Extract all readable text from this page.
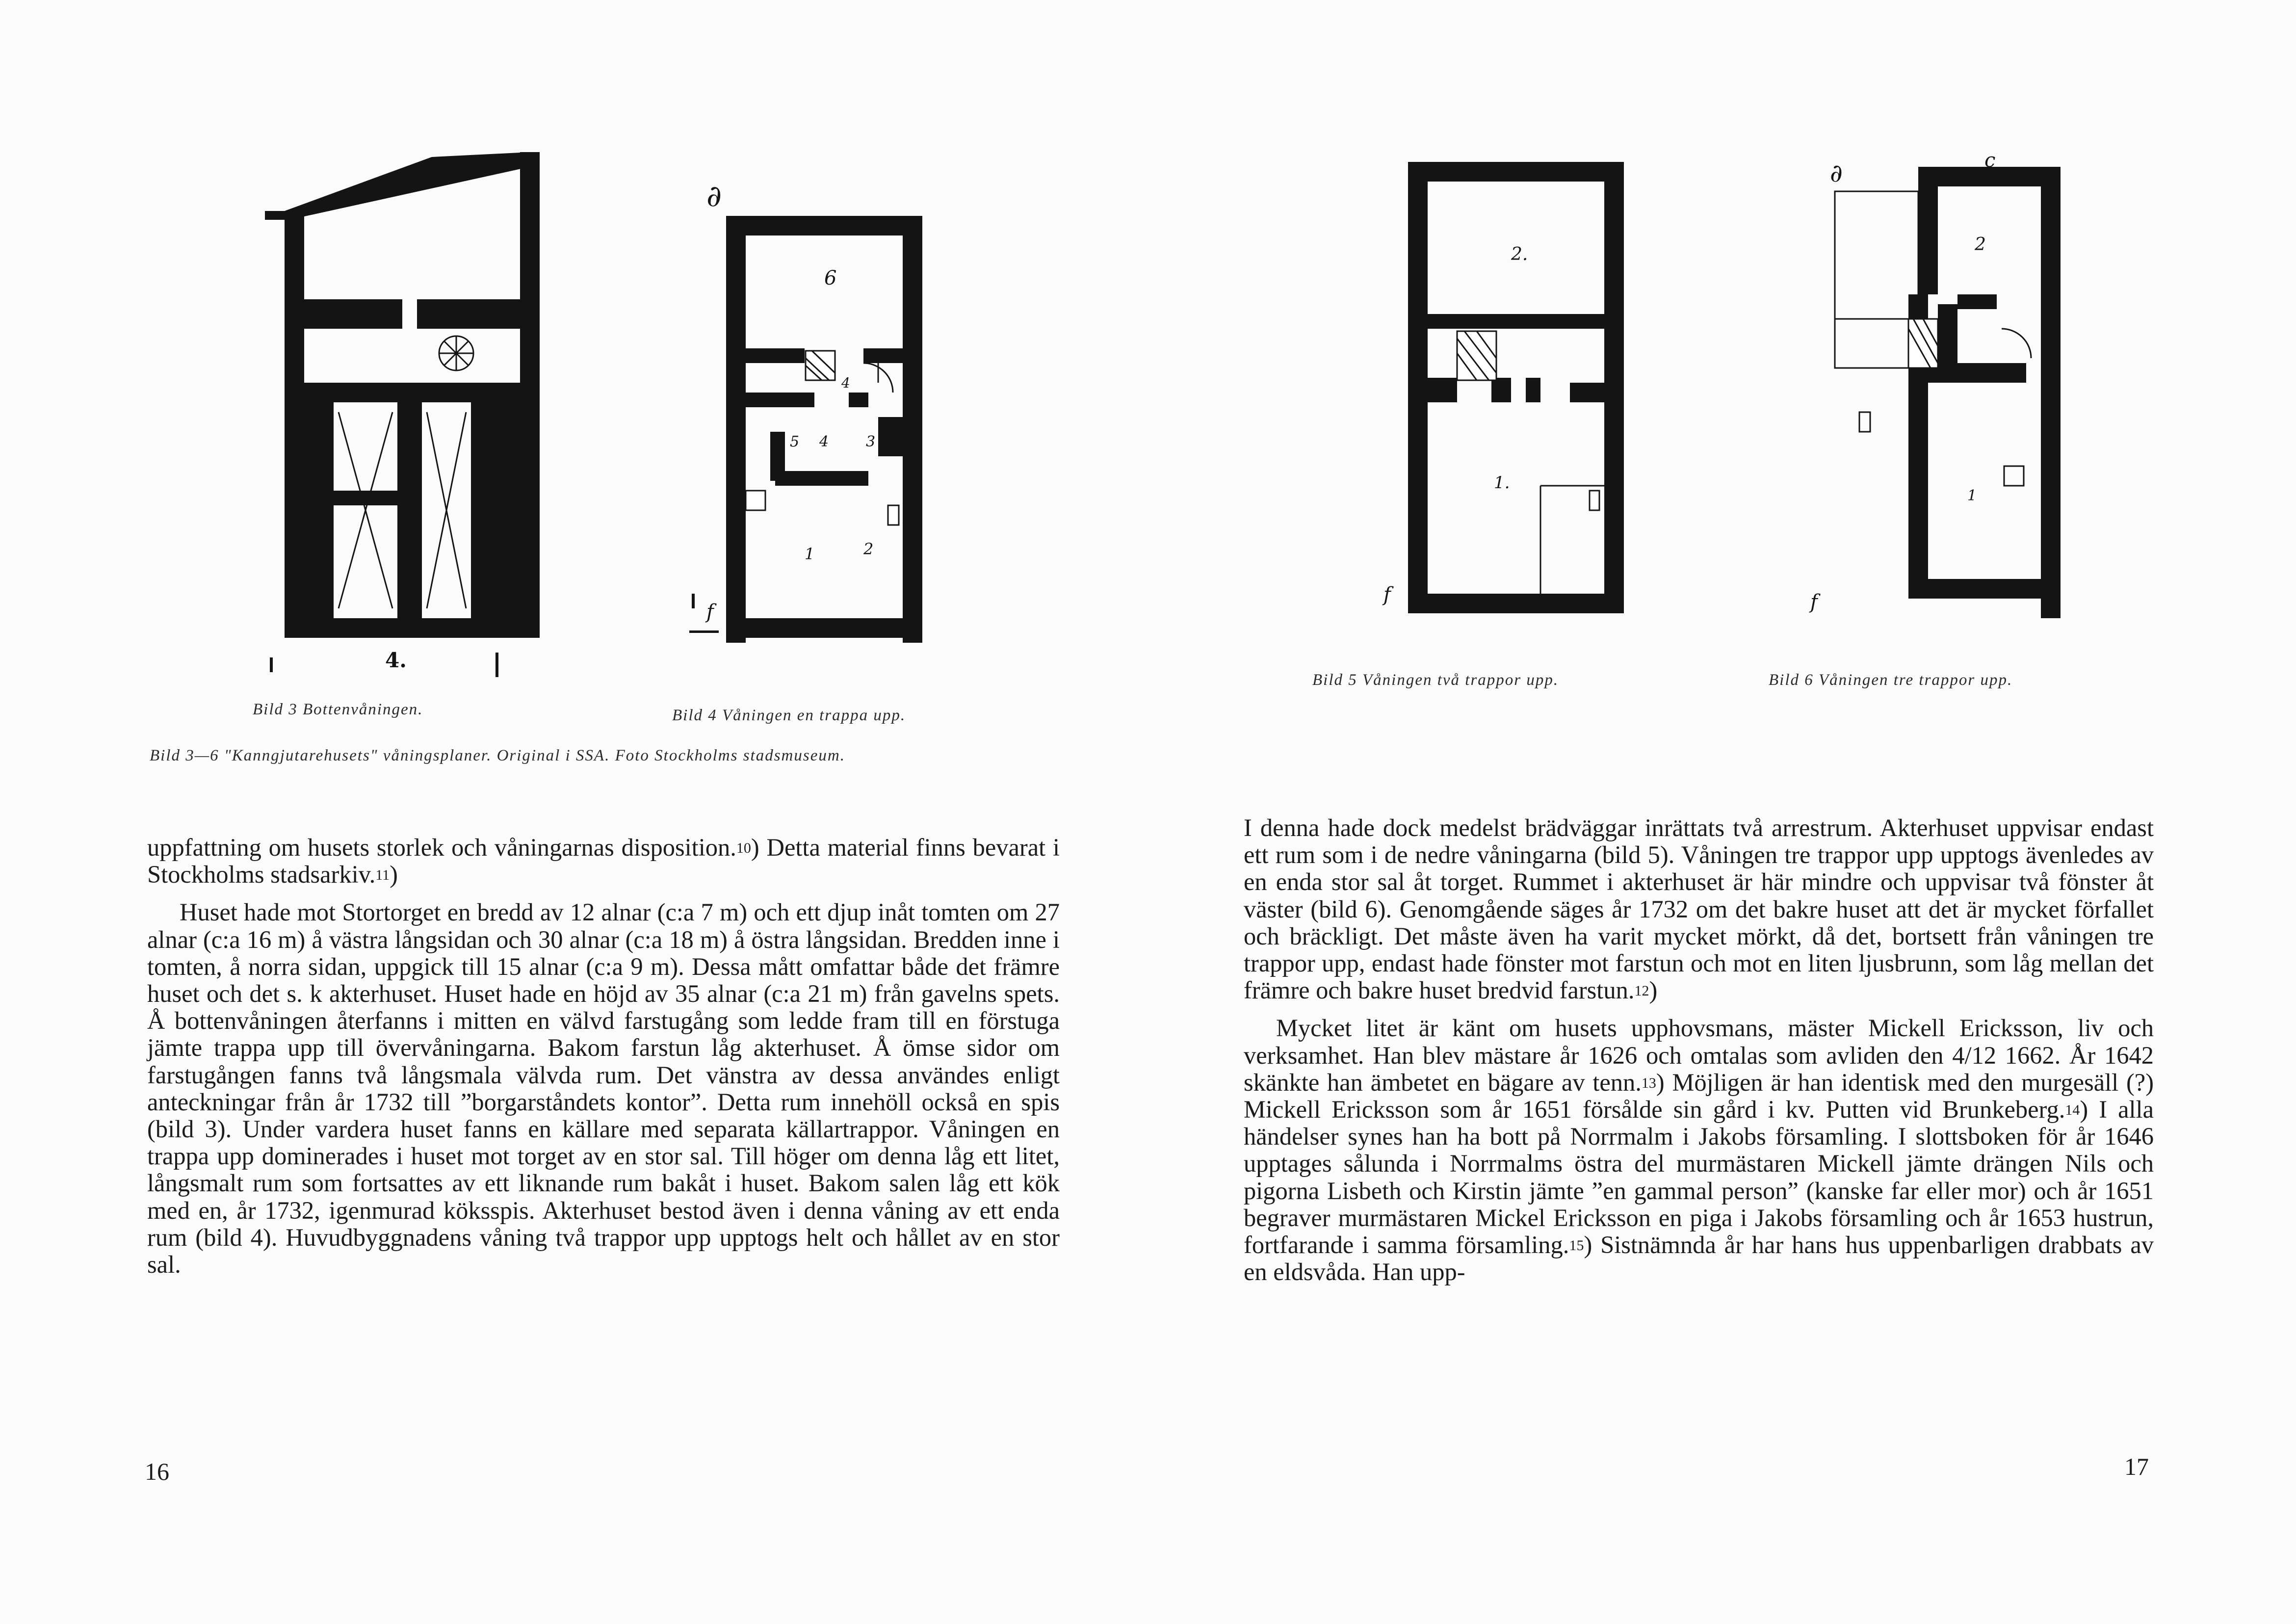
4.
∂
6
4
5 4	3
1	2
f
Bild 3 Bottenvåningen.	Bild 4 Våningen en trappa upp.
Bild 3—6 "Kanngjutarehusets" våningsplaner. Original i SSA. Foto Stockholms stadsmuseum.

uppfattning om husets storlek och våningarnas disposition.$^{10}$) Detta material finns bevarat i Stockholms stadsarkiv.$^{11}$)

Huset hade mot Stortorget en bredd av 12 alnar (c:a 7 m) och ett djup inåt tomten om 27 alnar (c:a 16 m) å västra långsidan och 30 alnar (c:a 18 m) å östra långsidan. Bredden inne i tomten, å norra sidan, uppgick till 15 alnar (c:a 9 m). Dessa mått omfattar både det främre huset och det s. k akterhuset. Huset hade en höjd av 35 alnar (c:a 21 m) från gavelns spets. Å bottenvåningen återfanns i mitten en välvd farstugång som ledde fram till en förstuga jämte trappa upp till övervåningarna. Bakom farstun låg akterhuset. Å ömse sidor om farstugången fanns två långsmala välvda rum. Det vänstra av dessa användes enligt anteckningar från år 1732 till ”borgarståndets kontor”. Detta rum innehöll också en spis (bild 3). Under vardera huset fanns en källare med separata källartrappor. Våningen en trappa upp dominerades i huset mot torget av en stor sal. Till höger om denna låg ett litet, långsmalt rum som fortsattes av ett liknande rum bakåt i huset. Bakom salen låg ett kök med en, år 1732, igenmurad köksspis. Akterhuset bestod även i denna våning av ett enda rum (bild 4). Huvudbyggnadens våning två trappor upp upptogs helt och hållet av en stor sal.

16
2.
1.
f
∂	c
2
1
f
Bild 5 Våningen två trappor upp.	Bild 6 Våningen tre trappor upp.

I denna hade dock medelst brädväggar inrättats två arrestrum. Akterhuset uppvisar endast ett rum som i de nedre våningarna (bild 5). Våningen tre trappor upp upptogs ävenledes av en enda stor sal åt torget. Rummet i akterhuset är här mindre och uppvisar två fönster åt väster (bild 6). Genomgående säges år 1732 om det bakre huset att det är mycket förfallet och bräckligt. Det måste även ha varit mycket mörkt, då det, bortsett från våningen tre trappor upp, endast hade fönster mot farstun och mot en liten ljusbrunn, som låg mellan det främre och bakre huset bredvid farstun.$^{12}$)

Mycket litet är känt om husets upphovsmans, mäster Mickell Ericksson, liv och verksamhet. Han blev mästare år 1626 och omtalas som avliden den 4/12 1662. År 1642 skänkte han ämbetet en bägare av tenn.$^{13}$) Möjligen är han identisk med den murgesäll (?) Mickell Ericksson som år 1651 försålde sin gård i kv. Putten vid Brunkeberg.$^{14}$) I alla händelser synes han ha bott på Norrmalm i Jakobs församling. I slottsboken för år 1646 upptages sålunda i Norrmalms östra del murmästaren Mickell jämte drängen Nils och pigorna Lisbeth och Kirstin jämte ”en gammal person” (kanske far eller mor) och år 1651 begraver murmästaren Mickel Ericksson en piga i Jakobs församling och år 1653 hustrun, fortfarande i samma församling.$^{15}$) Sistnämnda år har hans hus uppenbarligen drabbats av en eldsvåda. Han upp-

17
